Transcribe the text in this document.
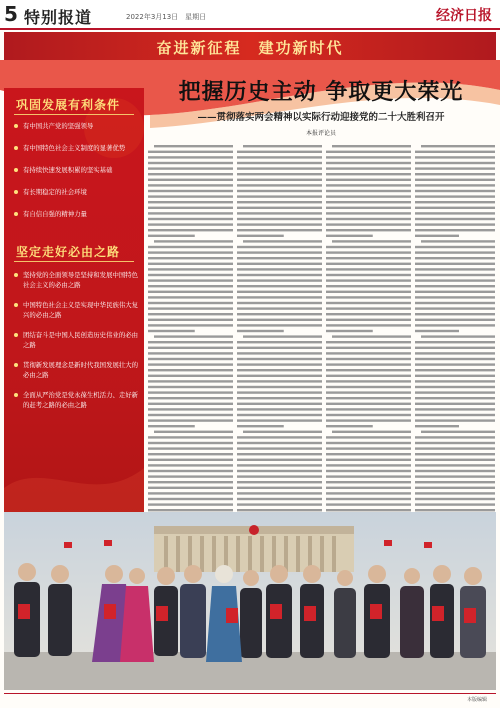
5 特别报道	2022年3月13日　星期日	经济日报
奋进新征程　建功新时代
巩固发展有利条件
有中国共产党的坚强领导
有中国特色社会主义制度的显著优势
有持续快速发展积累的坚实基础
有长期稳定的社会环境
有自信自强的精神力量
坚定走好必由之路
坚持党的全面领导是坚持和发展中国特色社会主义的必由之路
中国特色社会主义是实现中华民族伟大复兴的必由之路
团结奋斗是中国人民创造历史伟业的必由之路
贯彻新发展理念是新时代我国发展壮大的必由之路
全面从严治党是党永葆生机活力、走好新的赶考之路的必由之路
把握历史主动 争取更大荣光
——贯彻落实两会精神以实际行动迎接党的二十大胜利召开
本报评论员
本版编辑　
